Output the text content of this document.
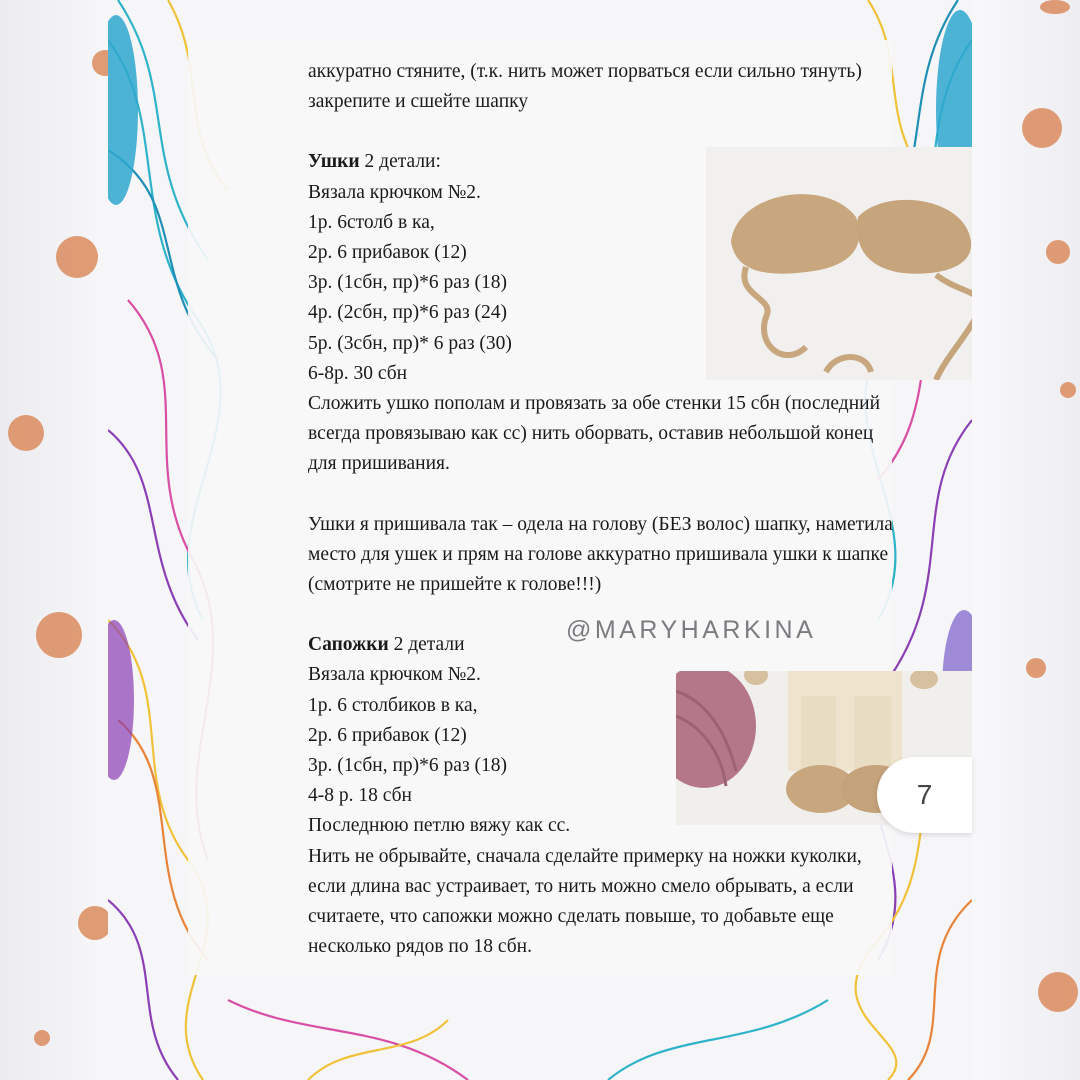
аккуратно стяните, (т.к. нить может порваться если сильно тянуть)

закрепите и сшейте шапку

Ушки 2 детали:

Вязала крючком №2.

1р. 6столб в ка,

2р. 6 прибавок (12)

3р. (1сбн, пр)*6 раз (18)

4р. (2сбн, пр)*6 раз (24)

5р. (3сбн, пр)* 6 раз (30)

6-8р. 30 сбн

Сложить ушко пополам и провязать за обе стенки 15 сбн (последний

всегда провязываю как сс) нить оборвать, оставив небольшой конец

для пришивания.

Ушки я пришивала так – одела на голову (БЕЗ волос) шапку, наметила

место для ушек и прям на голове аккуратно пришивала ушки к шапке

(смотрите не пришейте к голове!!!)

Сапожки 2 детали

Вязала крючком №2.

1р. 6 столбиков в ка,

2р. 6 прибавок (12)

3р. (1сбн, пр)*6 раз (18)

4-8 р. 18 сбн

Последнюю петлю вяжу как сс.

Нить не обрывайте, сначала сделайте примерку на ножки куколки,

если длина вас устраивает, то нить можно смело обрывать, а если

считаете, что сапожки можно сделать повыше, то добавьте еще

несколько рядов по 18 сбн.

@MARYHARKINA
7
